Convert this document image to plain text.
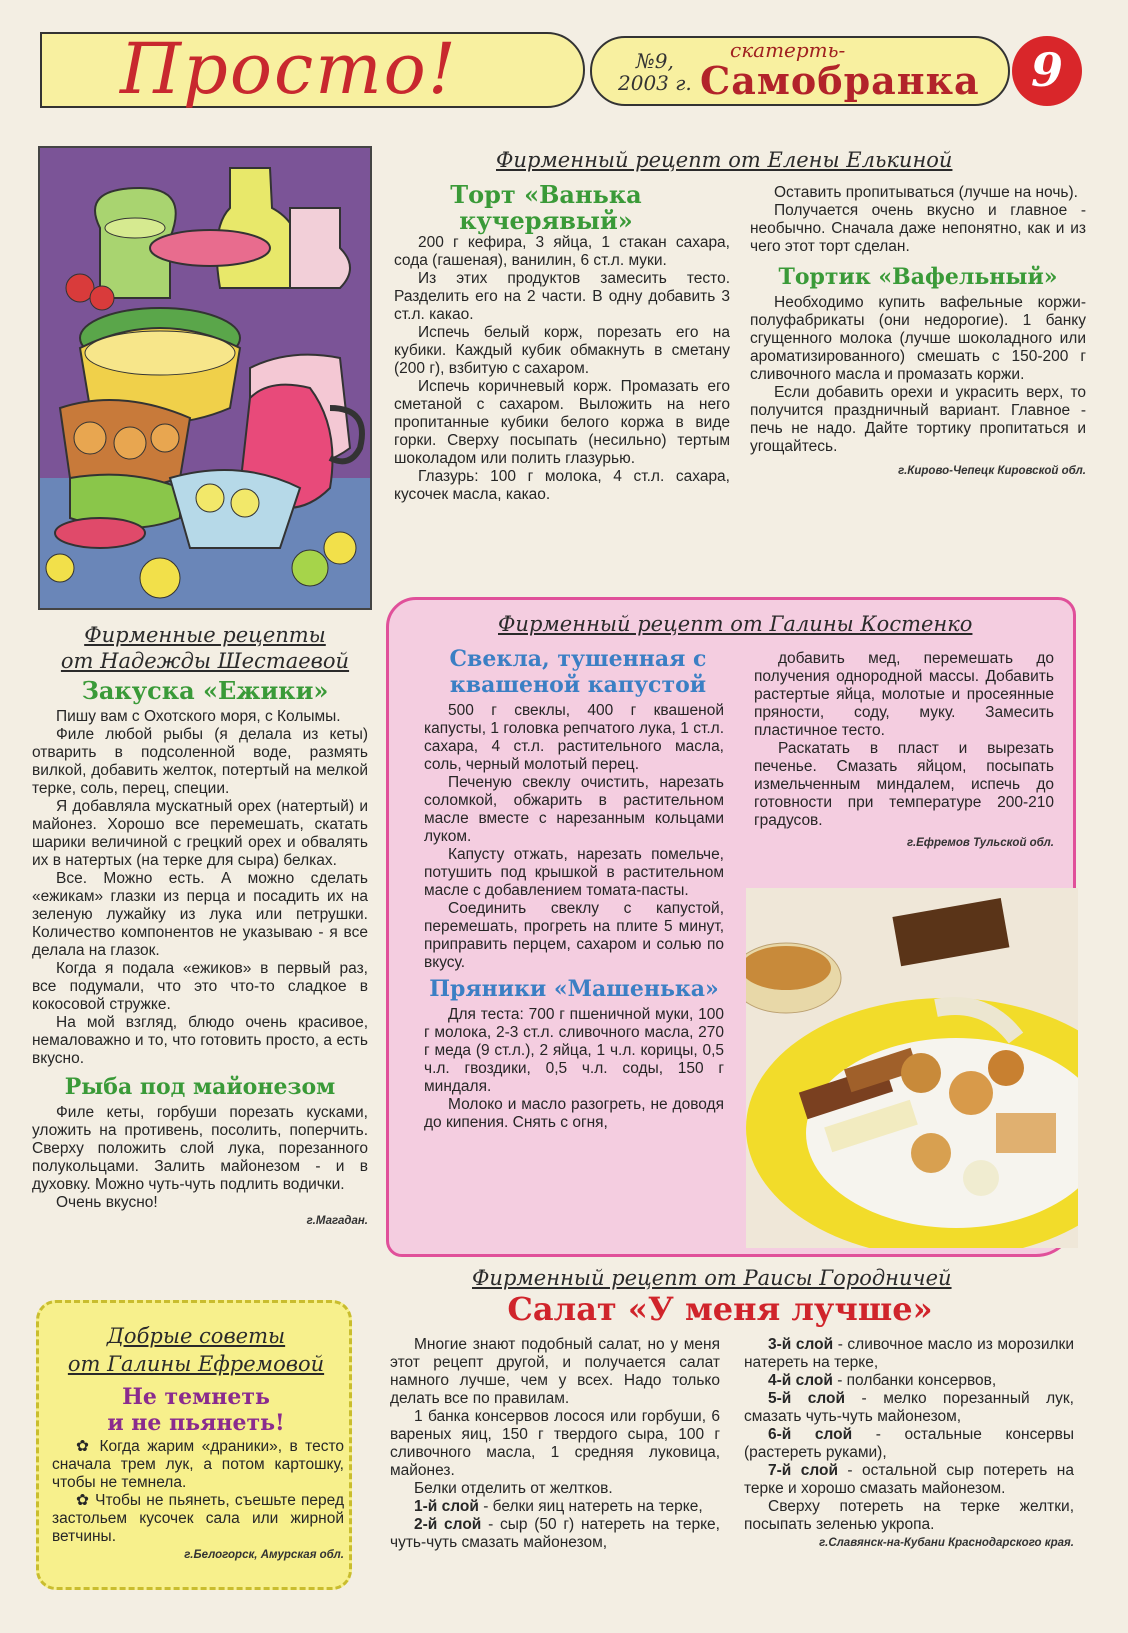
Просто!	№9,
2003 г.
скатерть-
Самобранка	9
Фирменный рецепт от Елены Елькиной
Торт «Ванька кучерявый»

200 г кефира, 3 яйца, 1 стакан сахара, сода (гашеная), ванилин, 6 ст.л. муки.

Из этих продуктов замесить тесто. Разделить его на 2 части. В одну добавить 3 ст.л. какао.

Испечь белый корж, порезать его на кубики. Каждый кубик обмакнуть в сметану (200 г), взбитую с сахаром.

Испечь коричневый корж. Промазать его сметаной с сахаром. Выложить на него пропитанные кубики белого коржа в виде горки. Сверху посыпать (несильно) тертым шоколадом или полить глазурью.

Глазурь: 100 г молока, 4 ст.л. сахара, кусочек масла, какао.

Оставить пропитываться (лучше на ночь).

Получается очень вкусно и главное - необычно. Сначала даже непонятно, как и из чего этот торт сделан.

Тортик «Вафельный»

Необходимо купить вафельные коржи-полуфабрикаты (они недорогие). 1 банку сгущенного молока (лучше шоколадного или ароматизированного) смешать с 150-200 г сливочного масла и промазать коржи.

Если добавить орехи и украсить верх, то получится праздничный вариант. Главное - печь не надо. Дайте тортику пропитаться и угощайтесь.

г.Кирово-Чепецк Кировской обл.
Фирменные рецепты
от Надежды Шестаевой
Закуска «Ежики»

Пишу вам с Охотского моря, с Колымы.

Филе любой рыбы (я делала из кеты) отварить в подсоленной воде, размять вилкой, добавить желток, потертый на мелкой терке, соль, перец, специи.

Я добавляла мускатный орех (натертый) и майонез. Хорошо все перемешать, скатать шарики величиной с грецкий орех и обвалять их в натертых (на терке для сыра) белках.

Все. Можно есть. А можно сделать «ежикам» глазки из перца и посадить их на зеленую лужайку из лука или петрушки. Количество компонентов не указываю - я все делала на глазок.

Когда я подала «ежиков» в первый раз, все подумали, что это что-то сладкое в кокосовой стружке.

На мой взгляд, блюдо очень красивое, немаловажно и то, что готовить просто, а есть вкусно.

Рыба под майонезом

Филе кеты, горбуши порезать кусками, уложить на противень, посолить, поперчить. Сверху положить слой лука, порезанного полукольцами. Залить майонезом - и в духовку. Можно чуть-чуть подлить водички.

Очень вкусно!

г.Магадан.
Фирменный рецепт от Галины Костенко
Свекла, тушенная с квашеной капустой

500 г свеклы, 400 г квашеной капусты, 1 головка репчатого лука, 1 ст.л. сахара, 4 ст.л. растительного масла, соль, черный молотый перец.

Печеную свеклу очистить, нарезать соломкой, обжарить в растительном масле вместе с нарезанным кольцами луком.

Капусту отжать, нарезать помельче, потушить под крышкой в растительном масле с добавлением томата-пасты.

Соединить свеклу с капустой, перемешать, прогреть на плите 5 минут, приправить перцем, сахаром и солью по вкусу.

Пряники «Машенька»

Для теста: 700 г пшеничной муки, 100 г молока, 2-3 ст.л. сливочного масла, 270 г меда (9 ст.л.), 2 яйца, 1 ч.л. корицы, 0,5 ч.л. гвоздики, 0,5 ч.л. соды, 150 г миндаля.

Молоко и масло разогреть, не доводя до кипения. Снять с огня,

добавить мед, перемешать до получения однородной массы. Добавить растертые яйца, молотые и просеянные пряности, соду, муку. Замесить пластичное тесто.

Раскатать в пласт и вырезать печенье. Смазать яйцом, посыпать измельченным миндалем, испечь до готовности при температуре 200-210 градусов.

г.Ефремов Тульской обл.
Добрые советы
от Галины Ефремовой
Не темнеть
и не пьянеть!

✿ Когда жарим «драники», в тесто сначала трем лук, а потом картошку, чтобы не темнела.

✿ Чтобы не пьянеть, съешьте перед застольем кусочек сала или жирной ветчины.

г.Белогорск, Амурская обл.
Фирменный рецепт от Раисы Городничей
Салат «У меня лучше»

Многие знают подобный салат, но у меня этот рецепт другой, и получается салат намного лучше, чем у всех. Надо только делать все по правилам.

1 банка консервов лосося или горбуши, 6 вареных яиц, 150 г твердого сыра, 100 г сливочного масла, 1 средняя луковица, майонез.

Белки отделить от желтков.

1-й слой - белки яиц натереть на терке,

2-й слой - сыр (50 г) натереть на терке, чуть-чуть смазать майонезом,

3-й слой - сливочное масло из морозилки натереть на терке,

4-й слой - полбанки консервов,

5-й слой - мелко порезанный лук, смазать чуть-чуть майонезом,

6-й слой - остальные консервы (растереть руками),

7-й слой - остальной сыр потереть на терке и хорошо смазать майонезом.

Сверху потереть на терке желтки, посыпать зеленью укропа.

г.Славянск-на-Кубани Краснодарского края.
